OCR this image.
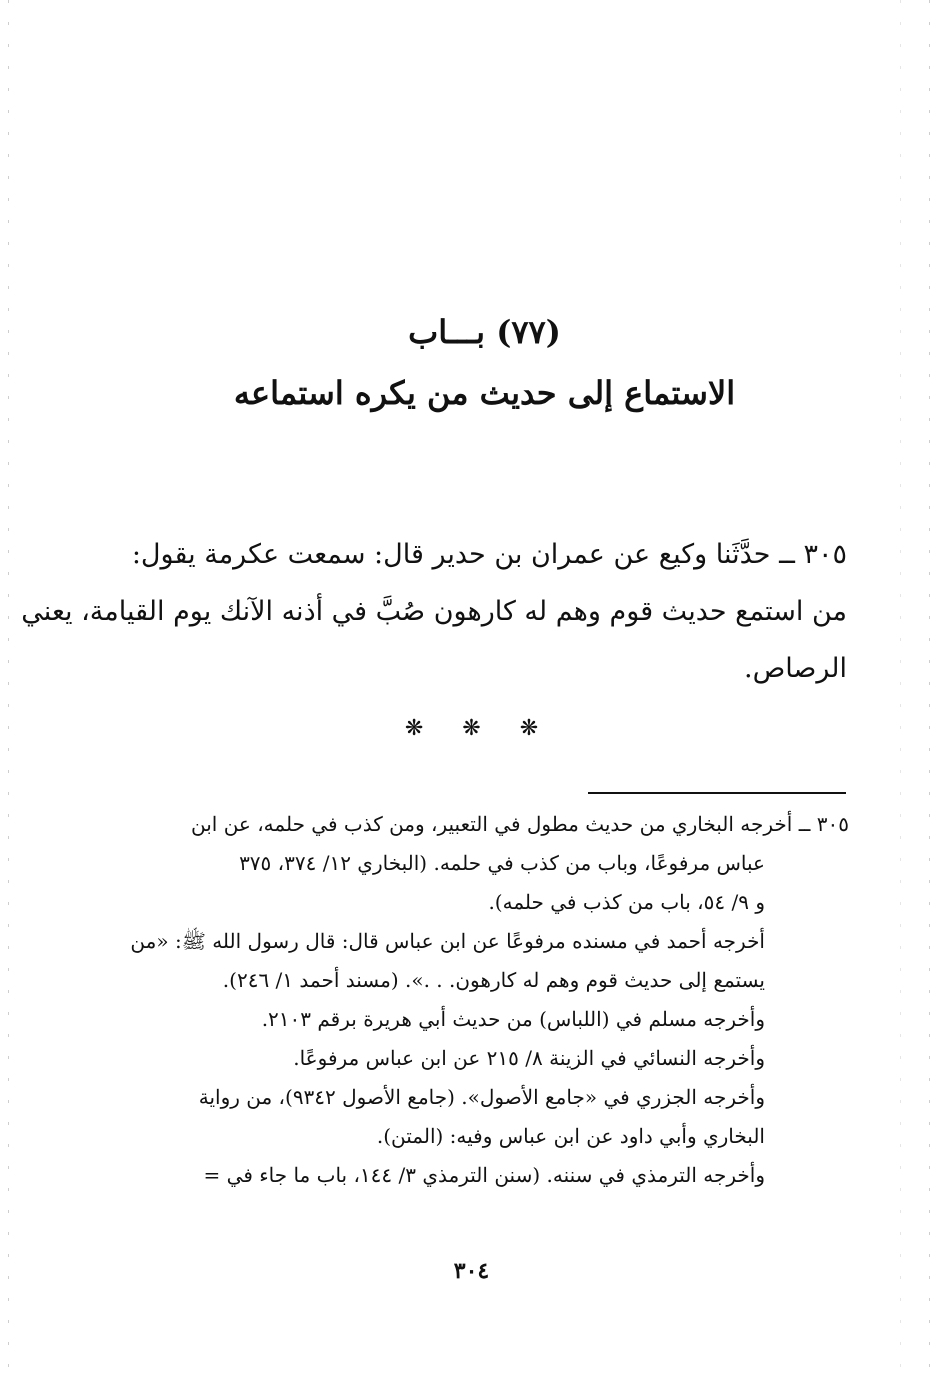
(٧٧) بـــاب
الاستماع إلى حديث من يكره استماعه
٣٠٥ ــ حدَّثَنا وكيع عن عمران بن حدير قال: سمعت عكرمة يقول:
من استمع حديث قوم وهم له كارهون صُبَّ في أذنه الآنك يوم القيامة، يعني
الرصاص.
❋ ❋ ❋
٣٠٥ ــ أخرجه البخاري من حديث مطول في التعبير، ومن كذب في حلمه، عن ابن
عباس مرفوعًا، وباب من كذب في حلمه. (البخاري ١٢/ ٣٧٤، ٣٧٥
و ٩/ ٥٤، باب من كذب في حلمه).
أخرجه أحمد في مسنده مرفوعًا عن ابن عباس قال: قال رسول الله ﷺ: «من
يستمع إلى حديث قوم وهم له كارهون. . .». (مسند أحمد ١/ ٢٤٦).
وأخرجه مسلم في (اللباس) من حديث أبي هريرة برقم ٢١٠٣.
وأخرجه النسائي في الزينة ٨/ ٢١٥ عن ابن عباس مرفوعًا.
وأخرجه الجزري في «جامع الأصول». (جامع الأصول ٩٣٤٢)، من رواية
البخاري وأبي داود عن ابن عباس وفيه: (المتن).
وأخرجه الترمذي في سننه. (سنن الترمذي ٣/ ١٤٤، باب ما جاء في =
٣٠٤
